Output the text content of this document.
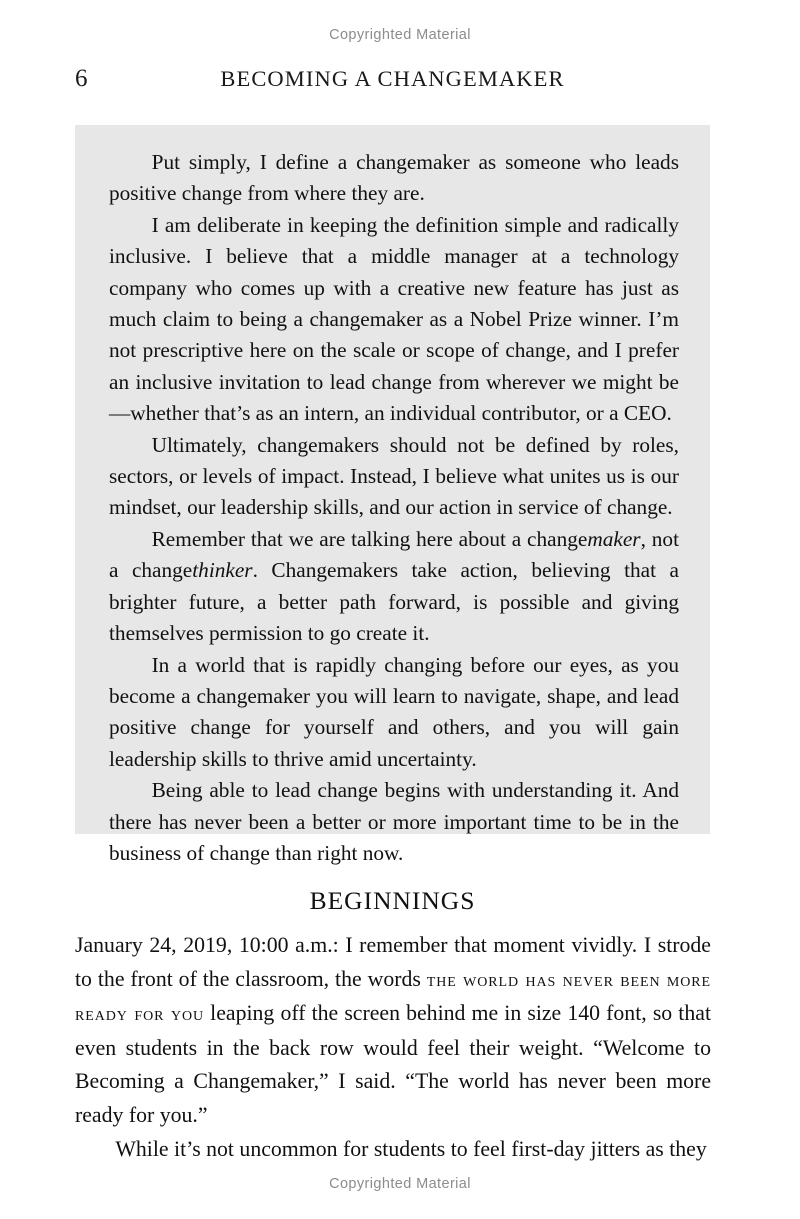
Copyrighted Material
6	BECOMING A CHANGEMAKER

Put simply, I define a changemaker as someone who leads positive change from where they are.

I am deliberate in keeping the definition simple and radically inclusive. I believe that a middle manager at a technology company who comes up with a creative new feature has just as much claim to being a changemaker as a Nobel Prize winner. I’m not prescriptive here on the scale or scope of change, and I prefer an inclusive invitation to lead change from wherever we might be—whether that’s as an intern, an individual contributor, or a CEO.

Ultimately, changemakers should not be defined by roles, sectors, or levels of impact. Instead, I believe what unites us is our mindset, our leadership skills, and our action in service of change.

Remember that we are talking here about a changemaker, not a changethinker. Changemakers take action, believing that a brighter future, a better path forward, is possible and giving themselves permission to go create it.

In a world that is rapidly changing before our eyes, as you become a changemaker you will learn to navigate, shape, and lead positive change for yourself and others, and you will gain leadership skills to thrive amid uncertainty.

Being able to lead change begins with understanding it. And there has never been a better or more important time to be in the business of change than right now.

BEGINNINGS

January 24, 2019, 10:00 a.m.: I remember that moment vividly. I strode to the front of the classroom, the words the world has never been more ready for you leaping off the screen behind me in size 140 font, so that even students in the back row would feel their weight. “Welcome to Becoming a Changemaker,” I said. “The world has never been more ready for you.”

While it’s not uncommon for students to feel first-day jitters as they

Copyrighted Material
